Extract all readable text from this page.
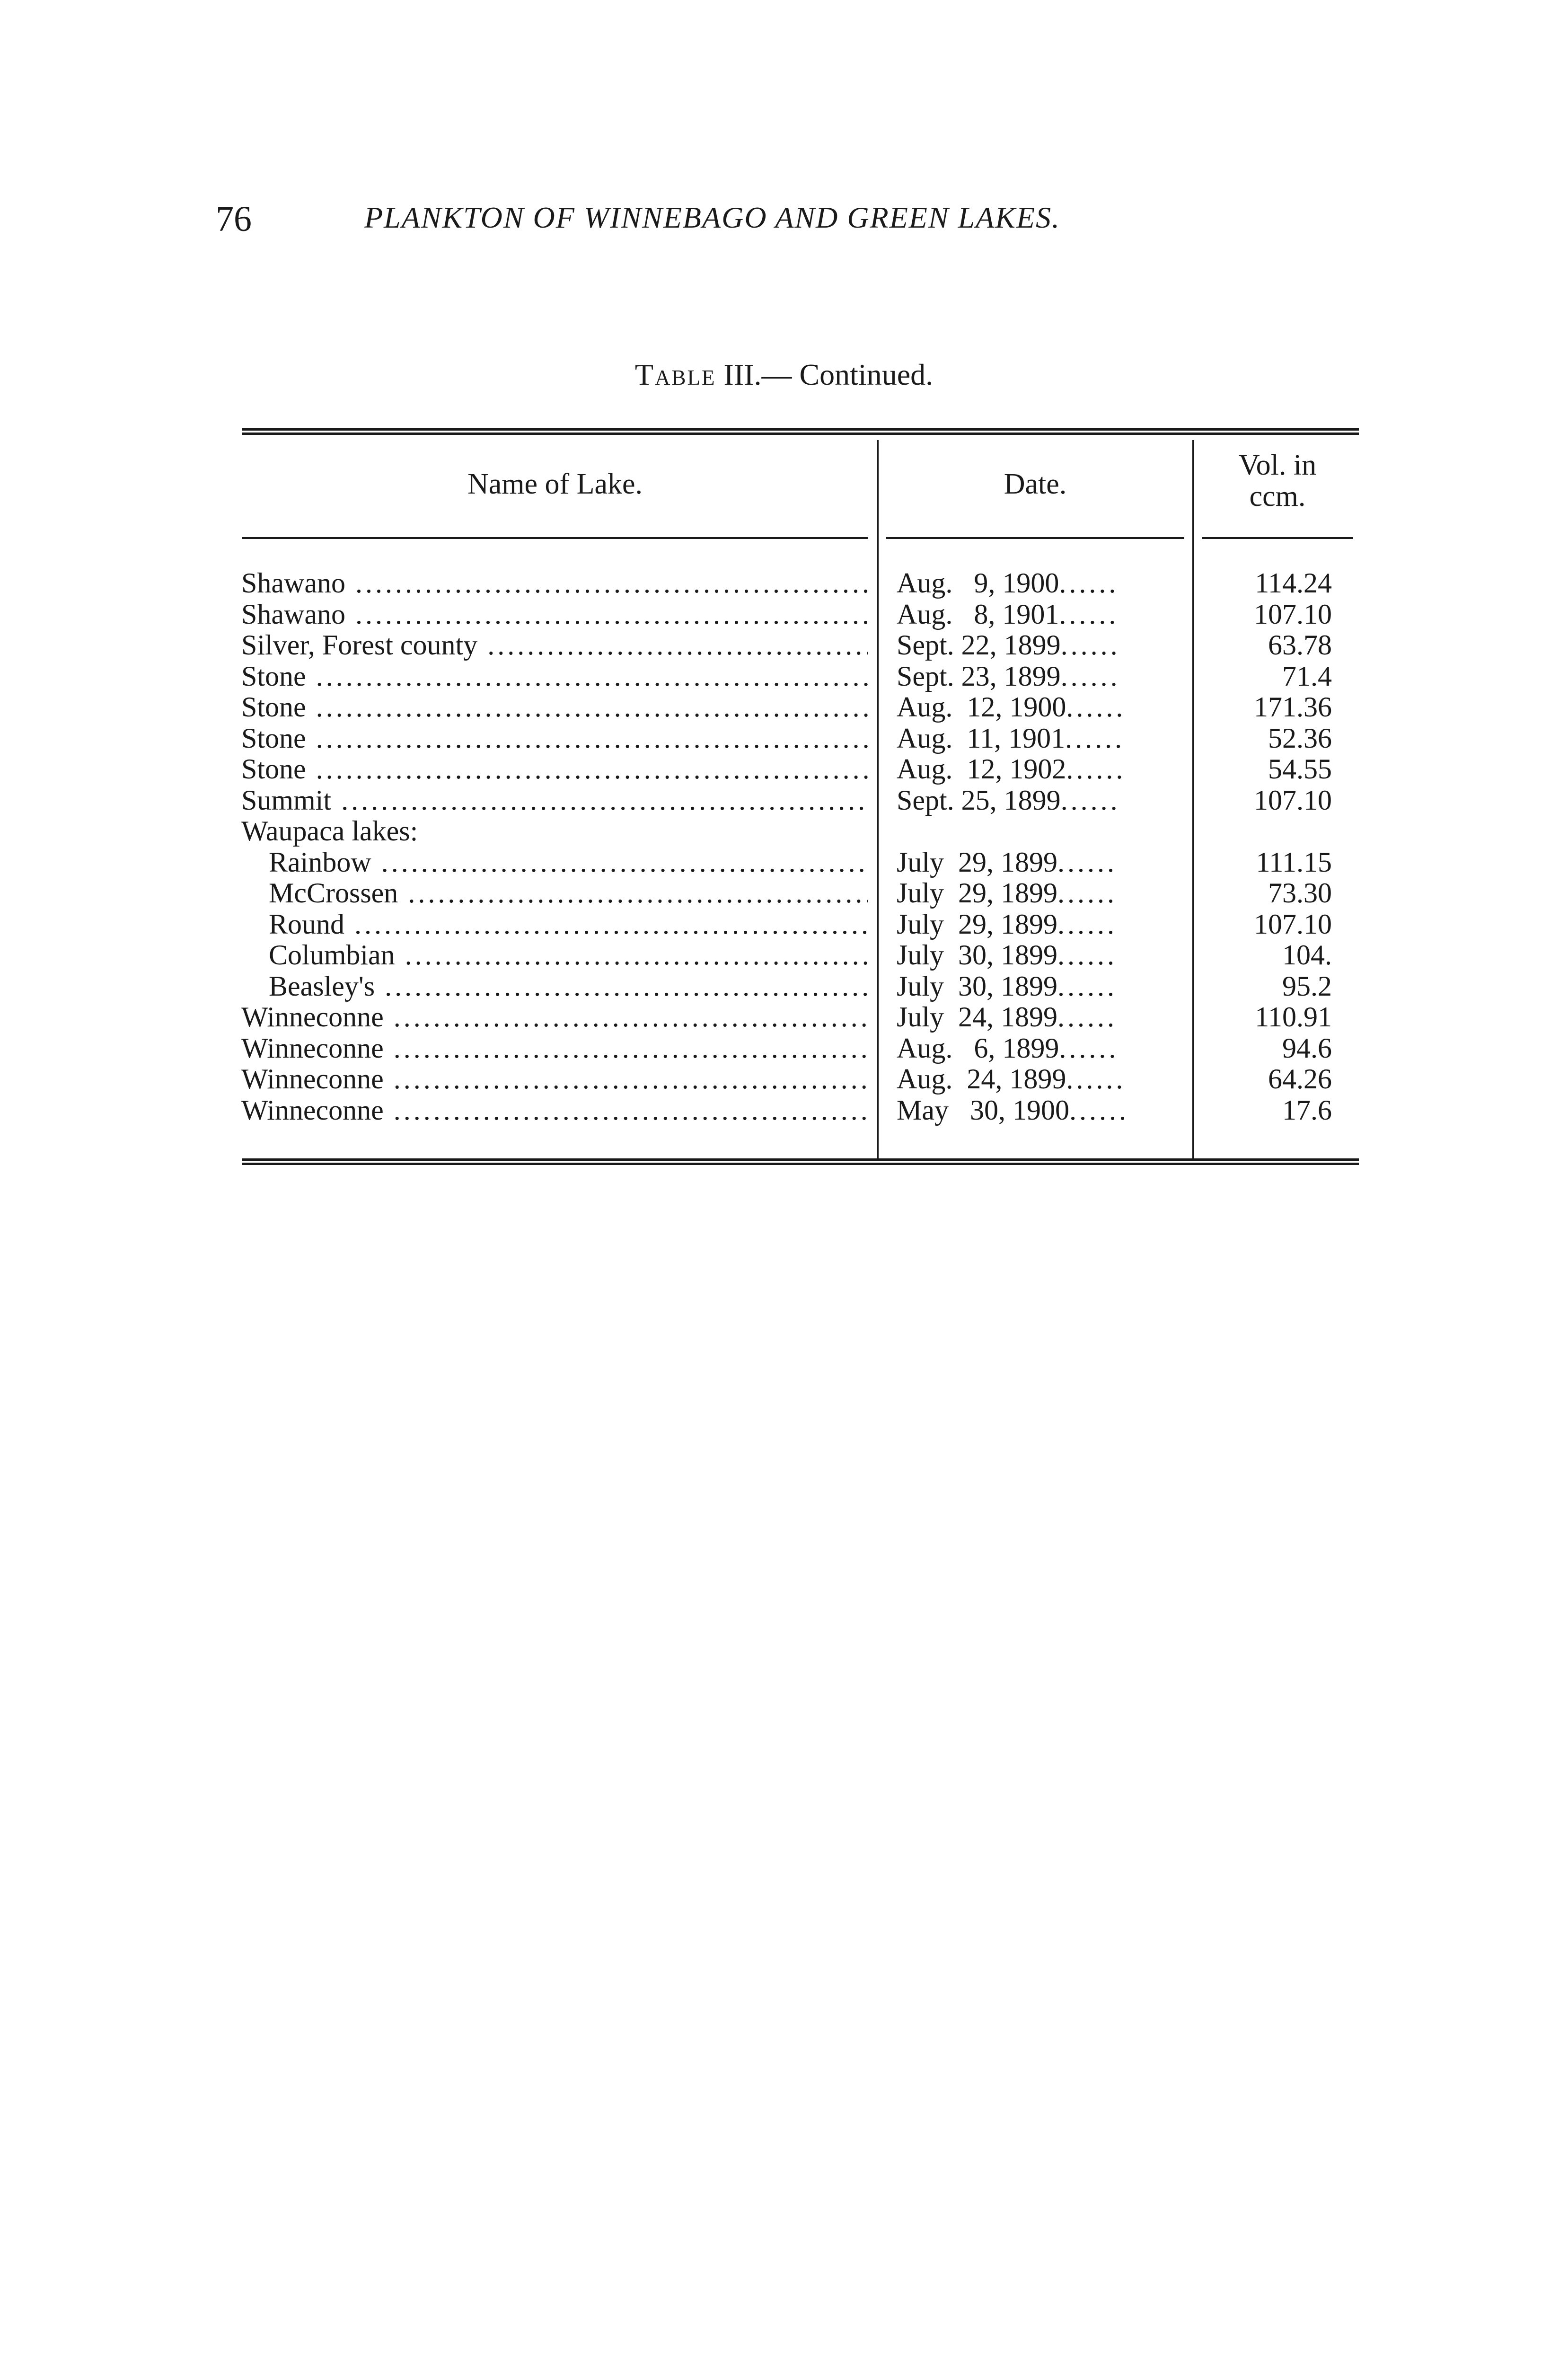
76	PLANKTON OF WINNEBAGO AND GREEN LAKES.
Table III.— Continued.
Name of Lake.	Date.
Vol. in
ccm.
Shawano .....	Aug.   9, 1900 ......	114.24
Shawano .....	Aug.   8, 1901 ......	107.10
Silver, Forest county .....	Sept. 22, 1899 ......	63.78
Stone .....	Sept. 23, 1899 ......	71.4
Stone .....	Aug.  12, 1900 ......	171.36
Stone .....	Aug.  11, 1901 ......	52.36
Stone .....	Aug.  12, 1902 ......	54.55
Summit .....	Sept. 25, 1899 ......	107.10
Waupaca lakes:
Rainbow .....	July  29, 1899 ......	111.15
McCrossen .....	July  29, 1899 ......	73.30
Round .....	July  29, 1899 ......	107.10
Columbian .....	July  30, 1899 ......	104.
Beasley's .....	July  30, 1899 ......	95.2
Winneconne .....	July  24, 1899 ......	110.91
Winneconne .....	Aug.   6, 1899 ......	94.6
Winneconne .....	Aug.  24, 1899 ......	64.26
Winneconne .....	May   30, 1900 ......	17.6
